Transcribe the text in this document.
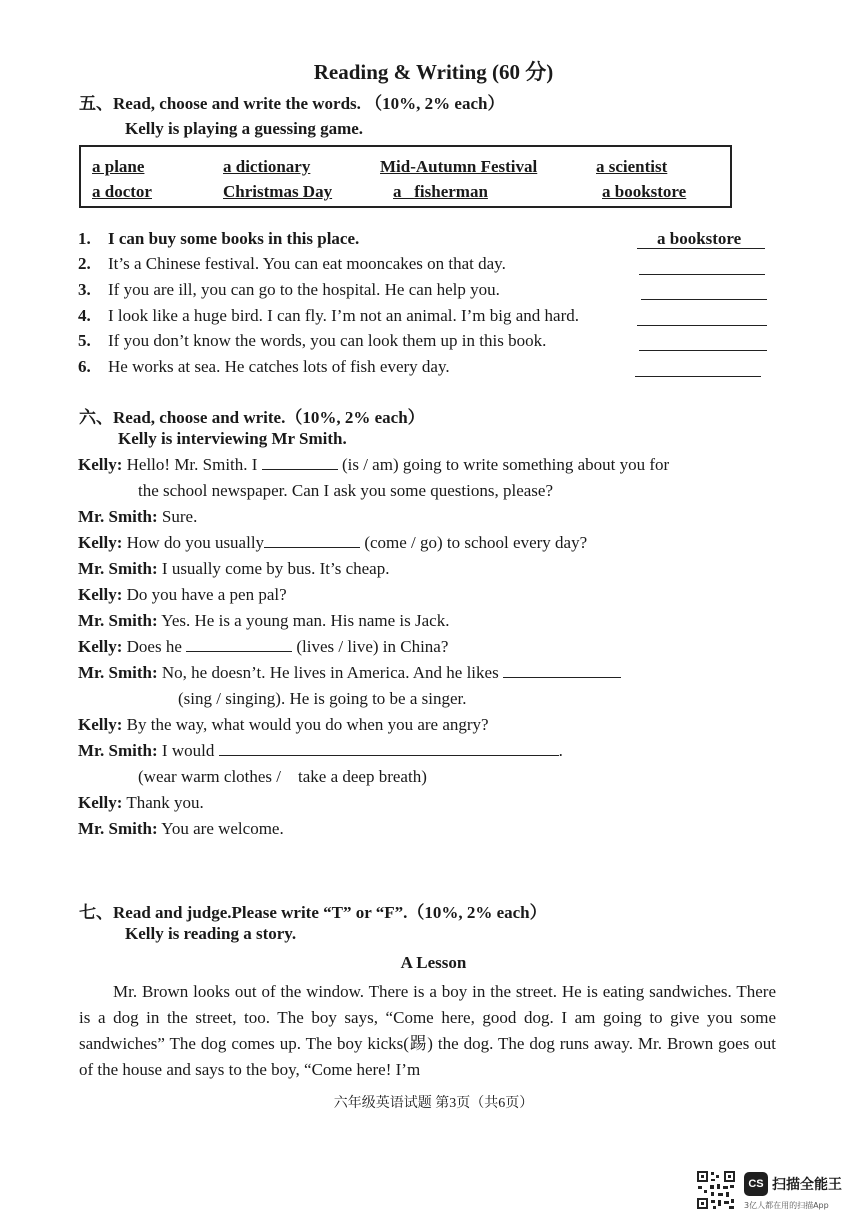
Reading & Writing (60 分)
五、Read, choose and write the words. （10%, 2% each）
Kelly is playing a guessing game.
a plane	a dictionary	Mid-Autumn Festival	a scientist
a doctor	Christmas Day	a   fisherman	a bookstore
1. I can buy some books in this place.	a bookstore
2. It’s a Chinese festival. You can eat mooncakes on that day.
3. If you are ill, you can go to the hospital. He can help you.
4. I look like a huge bird. I can fly. I’m not an animal. I’m big and hard.
5. If you don’t know the words, you can look them up in this book.
6. He works at sea. He catches lots of fish every day.
六、Read, choose and write.（10%, 2% each）
Kelly is interviewing Mr Smith.
Kelly: Hello! Mr. Smith. I	(is / am) going to write something about you for
the school newspaper. Can I ask you some questions, please?
Mr. Smith: Sure.
Kelly: How do you usually	(come / go) to school every day?
Mr. Smith: I usually come by bus. It’s cheap.
Kelly: Do you have a pen pal?
Mr. Smith: Yes. He is a young man. His name is Jack.
Kelly: Does he	(lives / live) in China?
Mr. Smith: No, he doesn’t. He lives in America. And he likes
(sing / singing). He is going to be a singer.
Kelly: By the way, what would you do when you are angry?
Mr. Smith: I would	.
(wear warm clothes /    take a deep breath)
Kelly: Thank you.
Mr. Smith: You are welcome.
七、Read and judge.Please write “T” or “F”.（10%, 2% each）
Kelly is reading a story.
A Lesson
Mr. Brown looks out of the window. There is a boy in the street. He is eating sandwiches. There is a dog in the street, too. The boy says, “Come here, good dog. I am going to give you some sandwiches” The dog comes up. The boy kicks(踢) the dog. The dog runs away. Mr. Brown goes out of the house and says to the boy, “Come here! I’m
六年级英语试题 第3页（共6页）
CS 扫描全能王
3亿人都在用的扫描App
